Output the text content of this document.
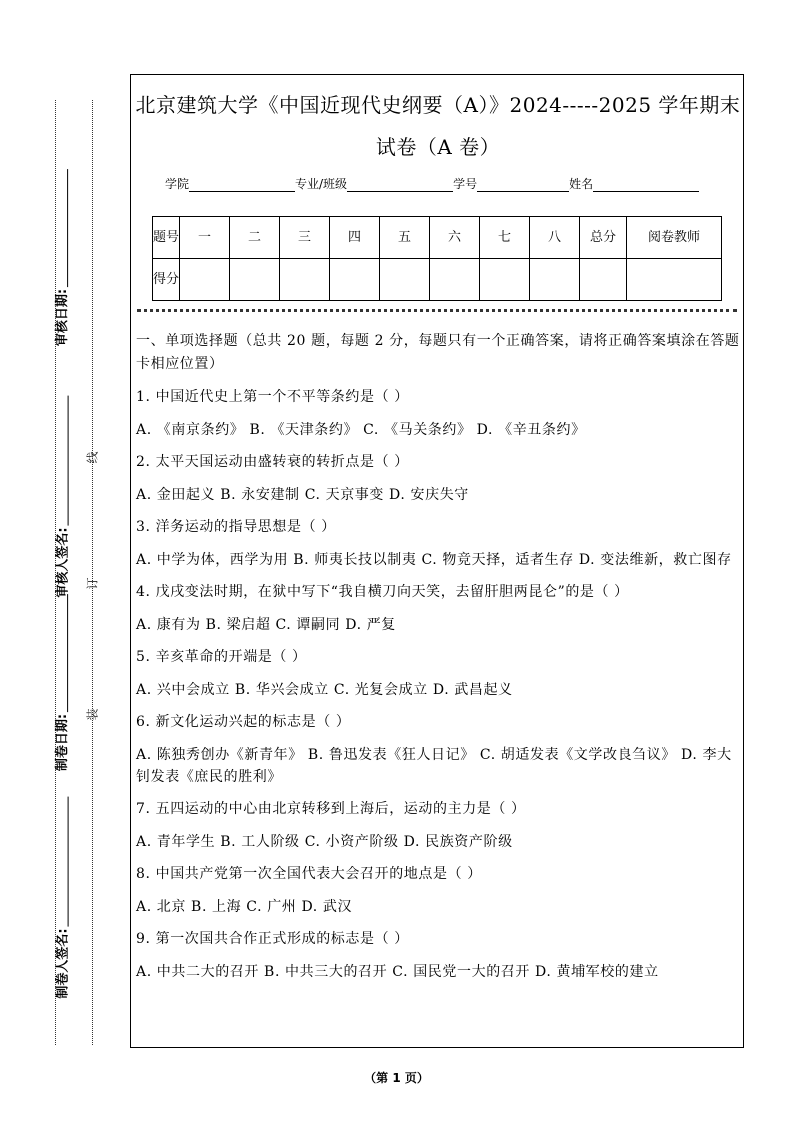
审核日期:
审核人签名:
制卷日期:
制卷人签名:
线
订
装
北京建筑大学《中国近现代史纲要（A）》2024-----2025 学年期末
试卷（A 卷）
学院	专业/班级	学号	姓名
题号	一	二	三	四	五	六	七	八	总分	阅卷教师
得分										

一、单项选择题（总共 20 题，每题 2 分，每题只有一个正确答案，请将正确答案填涂在答题卡相应位置）

1. 中国近代史上第一个不平等条约是（ ）

A. 《南京条约》 B. 《天津条约》 C. 《马关条约》 D. 《辛丑条约》

2. 太平天国运动由盛转衰的转折点是（ ）

A. 金田起义 B. 永安建制 C. 天京事变 D. 安庆失守

3. 洋务运动的指导思想是（ ）

A. 中学为体，西学为用 B. 师夷长技以制夷 C. 物竞天择，适者生存 D. 变法维新，救亡图存

4. 戊戌变法时期，在狱中写下“我自横刀向天笑，去留肝胆两昆仑”的是（ ）

A. 康有为 B. 梁启超 C. 谭嗣同 D. 严复

5. 辛亥革命的开端是（ ）

A. 兴中会成立 B. 华兴会成立 C. 光复会成立 D. 武昌起义

6. 新文化运动兴起的标志是（ ）

A. 陈独秀创办《新青年》 B. 鲁迅发表《狂人日记》 C. 胡适发表《文学改良刍议》 D. 李大钊发表《庶民的胜利》

7. 五四运动的中心由北京转移到上海后，运动的主力是（ ）

A. 青年学生 B. 工人阶级 C. 小资产阶级 D. 民族资产阶级

8. 中国共产党第一次全国代表大会召开的地点是（ ）

A. 北京 B. 上海 C. 广州 D. 武汉

9. 第一次国共合作正式形成的标志是（ ）

A. 中共二大的召开 B. 中共三大的召开 C. 国民党一大的召开 D. 黄埔军校的建立

（第 1 页）
